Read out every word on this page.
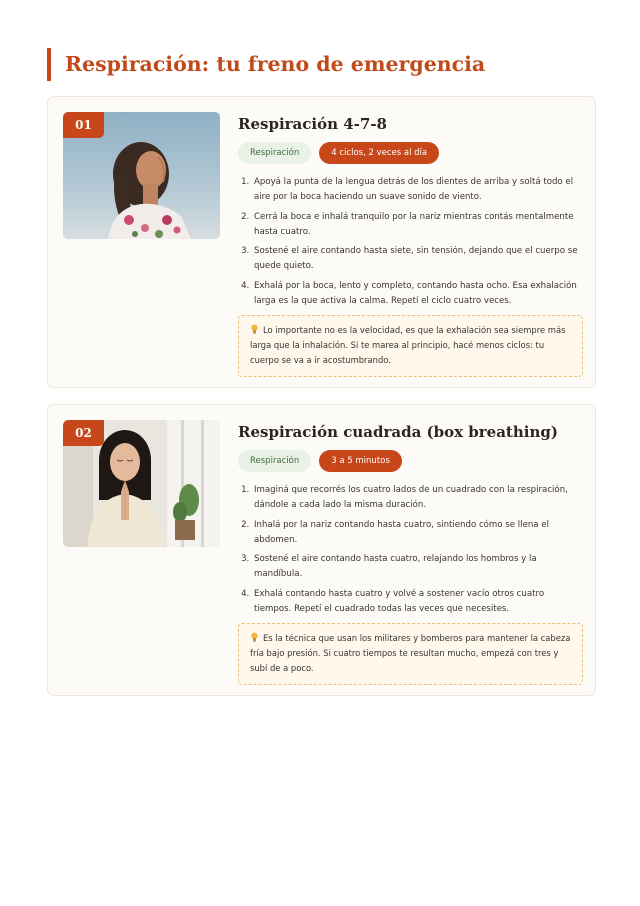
Respiración: tu freno de emergencia
01	Respiración 4-7-8
Respiración	4 ciclos, 2 veces al día
1. Apoyá la punta de la lengua detrás de los dientes de arriba y soltá todo el aire por la boca haciendo un suave sonido de viento.
2. Cerrá la boca e inhalá tranquilo por la nariz mientras contás mentalmente hasta cuatro.
3. Sostené el aire contando hasta siete, sin tensión, dejando que el cuerpo se quede quieto.
4. Exhalá por la boca, lento y completo, contando hasta ocho. Esa exhalación larga es la que activa la calma. Repetí el ciclo cuatro veces.
Lo importante no es la velocidad, es que la exhalación sea siempre más larga que la inhalación. Si te marea al principio, hacé menos ciclos: tu cuerpo se va a ir acostumbrando.
02	Respiración cuadrada (box breathing)
Respiración	3 a 5 minutos
1. Imaginá que recorrés los cuatro lados de un cuadrado con la respiración, dándole a cada lado la misma duración.
2. Inhalá por la nariz contando hasta cuatro, sintiendo cómo se llena el abdomen.
3. Sostené el aire contando hasta cuatro, relajando los hombros y la mandíbula.
4. Exhalá contando hasta cuatro y volvé a sostener vacío otros cuatro tiempos. Repetí el cuadrado todas las veces que necesites.
Es la técnica que usan los militares y bomberos para mantener la cabeza fría bajo presión. Si cuatro tiempos te resultan mucho, empezá con tres y subí de a poco.
